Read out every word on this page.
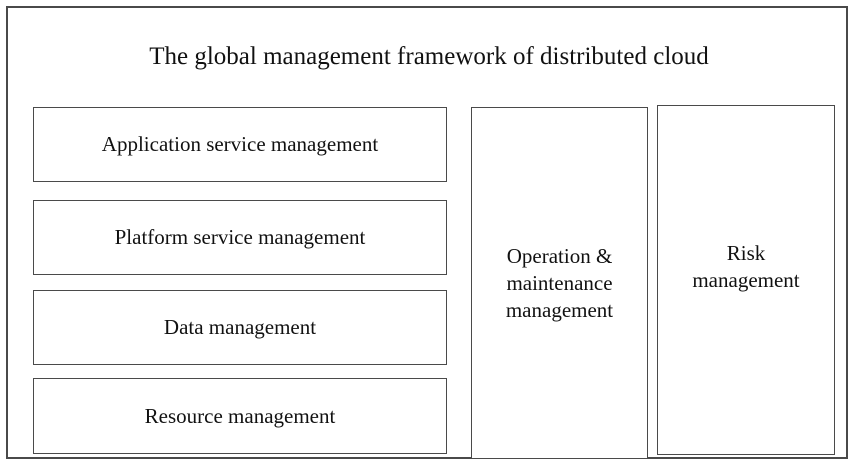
The global management framework of distributed cloud
Application service management
Platform service management
Data management
Resource management
Operation & maintenance management
Risk management
